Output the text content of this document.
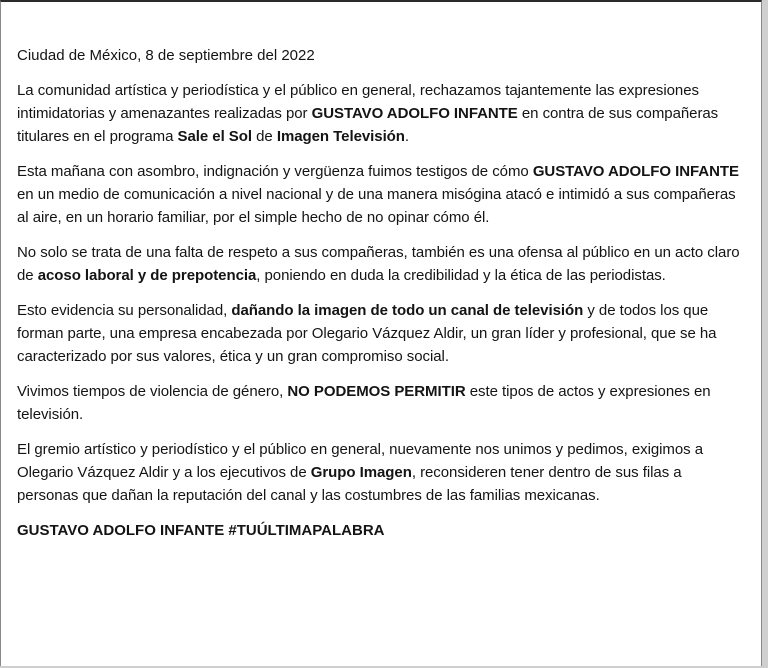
Ciudad de México, 8 de septiembre del 2022

La comunidad artística y periodística y el público en general, rechazamos tajantemente las expresiones intimidatorias y amenazantes realizadas por GUSTAVO ADOLFO INFANTE en contra de sus compañeras titulares en el programa Sale el Sol de Imagen Televisión.

Esta mañana con asombro, indignación y vergüenza fuimos testigos de cómo GUSTAVO ADOLFO INFANTE en un medio de comunicación a nivel nacional y de una manera misógina atacó e intimidó a sus compañeras al aire, en un horario familiar, por el simple hecho de no opinar cómo él.

No solo se trata de una falta de respeto a sus compañeras, también es una ofensa al público en un acto claro de acoso laboral y de prepotencia, poniendo en duda la credibilidad y la ética de las periodistas.

Esto evidencia su personalidad, dañando la imagen de todo un canal de televisión y de todos los que forman parte, una empresa encabezada por Olegario Vázquez Aldir, un gran líder y profesional, que se ha caracterizado por sus valores, ética y un gran compromiso social.

Vivimos tiempos de violencia de género, NO PODEMOS PERMITIR este tipos de actos y expresiones en televisión.

El gremio artístico y periodístico y el público en general, nuevamente nos unimos y pedimos, exigimos a Olegario Vázquez Aldir y a los ejecutivos de Grupo Imagen, reconsideren tener dentro de sus filas a personas que dañan la reputación del canal y las costumbres de las familias mexicanas.

GUSTAVO ADOLFO INFANTE #TUÚLTIMAPALABRA
